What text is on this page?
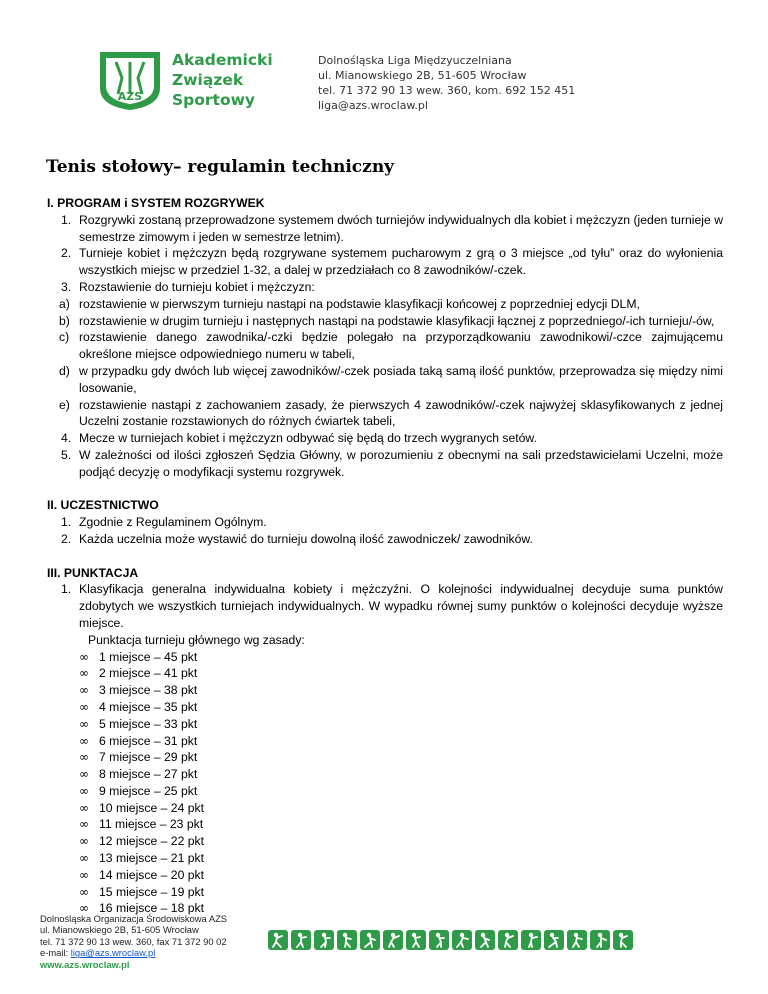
AZS
Akademicki
Związek
Sportowy
Dolnośląska Liga Międzyuczelniana
ul. Mianowskiego 2B, 51-605 Wrocław
tel. 71 372 90 13 wew. 360, kom. 692 152 451
liga@azs.wroclaw.pl
Tenis stołowy– regulamin techniczny
I. PROGRAM i SYSTEM ROZGRYWEK
1. Rozgrywki zostaną przeprowadzone systemem dwóch turniejów indywidualnych dla kobiet i mężczyzn (jeden turnieje w semestrze zimowym i jeden w semestrze letnim).
2. Turnieje kobiet i mężczyzn będą rozgrywane systemem pucharowym z grą o 3 miejsce „od tyłu” oraz do wyłonienia wszystkich miejsc w przedziel 1-32, a dalej w przedziałach co 8 zawodników/-czek.
3. Rozstawienie do turnieju kobiet i mężczyzn:
a) rozstawienie w pierwszym turnieju nastąpi na podstawie klasyfikacji końcowej z poprzedniej edycji DLM,
b) rozstawienie w drugim turnieju i następnych nastąpi na podstawie klasyfikacji łącznej z poprzedniego/-ich turnieju/-ów,
c) rozstawienie danego zawodnika/-czki będzie polegało na przyporządkowaniu zawodnikowi/-czce zajmującemu określone miejsce odpowiedniego numeru w tabeli,
d) w przypadku gdy dwóch lub więcej zawodników/-czek posiada taką samą ilość punktów, przeprowadza się między nimi losowanie,
e) rozstawienie nastąpi z zachowaniem zasady, że pierwszych 4 zawodników/-czek najwyżej sklasyfikowanych z jednej Uczelni zostanie rozstawionych do różnych ćwiartek tabeli,
4. Mecze w turniejach kobiet i mężczyzn odbywać się będą do trzech wygranych setów.
5. W zależności od ilości zgłoszeń Sędzia Główny, w porozumieniu z obecnymi na sali przedstawicielami Uczelni, może podjąć decyzję o modyfikacji systemu rozgrywek.
II. UCZESTNICTWO
1. Zgodnie z Regulaminem Ogólnym.
2. Każda uczelnia może wystawić do turnieju dowolną ilość zawodniczek/ zawodników.
III. PUNKTACJA
1. Klasyfikacja generalna indywidualna kobiety i mężczyźni. O kolejności indywidualnej decyduje suma punktów zdobytych we wszystkich turniejach indywidualnych. W wypadku równej sumy punktów o kolejności decyduje wyższe miejsce.
Punktacja turnieju głównego wg zasady:
∞ 1 miejsce – 45 pkt
∞ 2 miejsce – 41 pkt
∞ 3 miejsce – 38 pkt
∞ 4 miejsce – 35 pkt
∞ 5 miejsce – 33 pkt
∞ 6 miejsce – 31 pkt
∞ 7 miejsce – 29 pkt
∞ 8 miejsce – 27 pkt
∞ 9 miejsce – 25 pkt
∞ 10 miejsce – 24 pkt
∞ 11 miejsce – 23 pkt
∞ 12 miejsce – 22 pkt
∞ 13 miejsce – 21 pkt
∞ 14 miejsce – 20 pkt
∞ 15 miejsce – 19 pkt
∞ 16 miejsce – 18 pkt
Dolnośląska Organizacja Środowiskowa AZS
ul. Mianowskiego 2B, 51-605 Wrocław
tel. 71 372 90 13 wew. 360, fax 71 372 90 02
e-mail: liga@azs.wroclaw.pl
www.azs.wroclaw.pl
